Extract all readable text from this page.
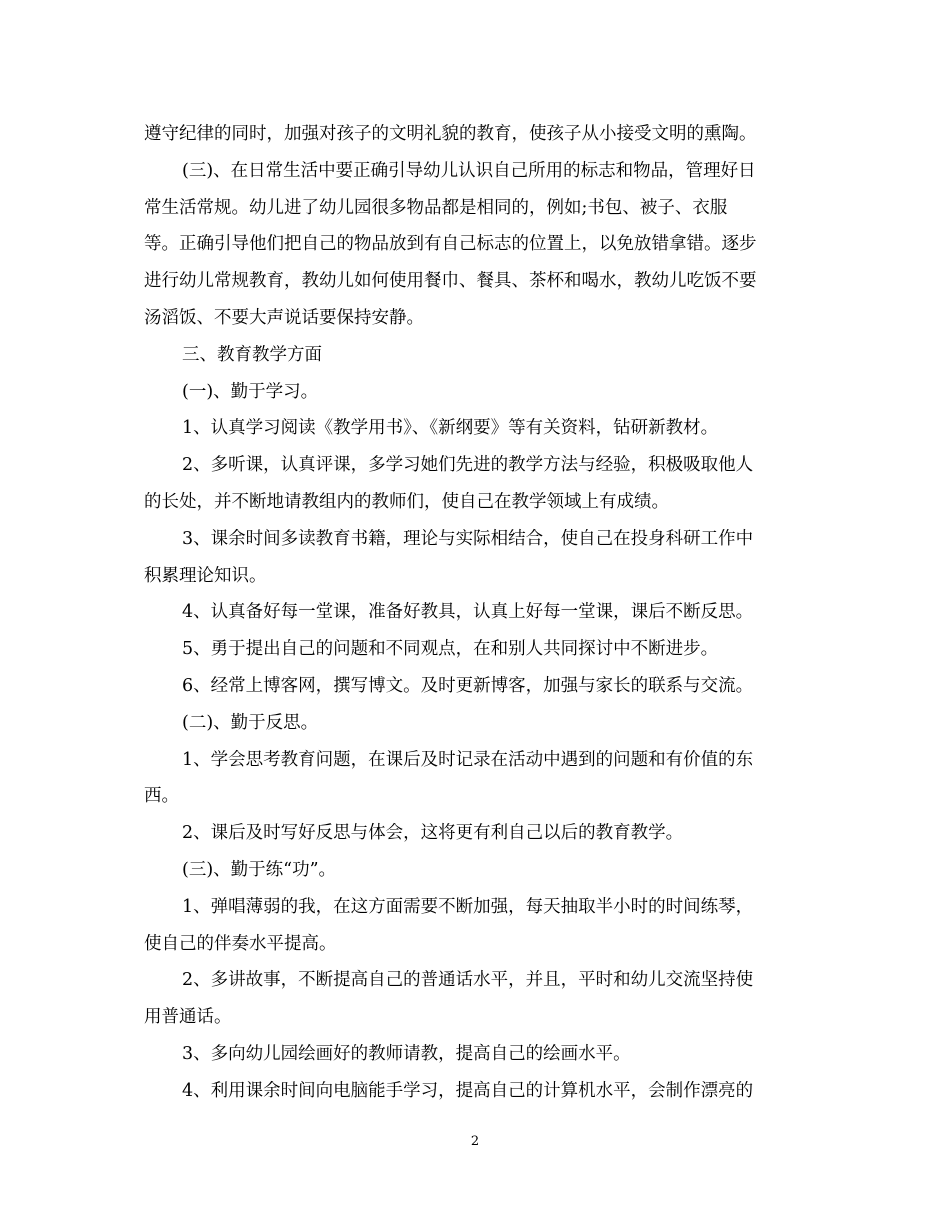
遵守纪律的同时，加强对孩子的文明礼貌的教育，使孩子从小接受文明的熏陶。
(三)、在日常生活中要正确引导幼儿认识自己所用的标志和物品，管理好日
常生活常规。幼儿进了幼儿园很多物品都是相同的，例如;书包、被子、衣服
等。正确引导他们把自己的物品放到有自己标志的位置上，以免放错拿错。逐步
进行幼儿常规教育，教幼儿如何使用餐巾、餐具、茶杯和喝水，教幼儿吃饭不要
汤滔饭、不要大声说话要保持安静。
三、教育教学方面
(一)、勤于学习。
1、认真学习阅读《教学用书》、《新纲要》等有关资料，钻研新教材。
2、多听课，认真评课，多学习她们先进的教学方法与经验，积极吸取他人
的长处，并不断地请教组内的教师们，使自己在教学领域上有成绩。
3、课余时间多读教育书籍，理论与实际相结合，使自己在投身科研工作中
积累理论知识。
4、认真备好每一堂课，准备好教具，认真上好每一堂课，课后不断反思。
5、勇于提出自己的问题和不同观点，在和别人共同探讨中不断进步。
6、经常上博客网，撰写博文。及时更新博客，加强与家长的联系与交流。
(二)、勤于反思。
1、学会思考教育问题，在课后及时记录在活动中遇到的问题和有价值的东
西。
2、课后及时写好反思与体会，这将更有利自己以后的教育教学。
(三)、勤于练“功”。
1、弹唱薄弱的我，在这方面需要不断加强，每天抽取半小时的时间练琴，
使自己的伴奏水平提高。
2、多讲故事，不断提高自己的普通话水平，并且，平时和幼儿交流坚持使
用普通话。
3、多向幼儿园绘画好的教师请教，提高自己的绘画水平。
4、利用课余时间向电脑能手学习，提高自己的计算机水平，会制作漂亮的
2
